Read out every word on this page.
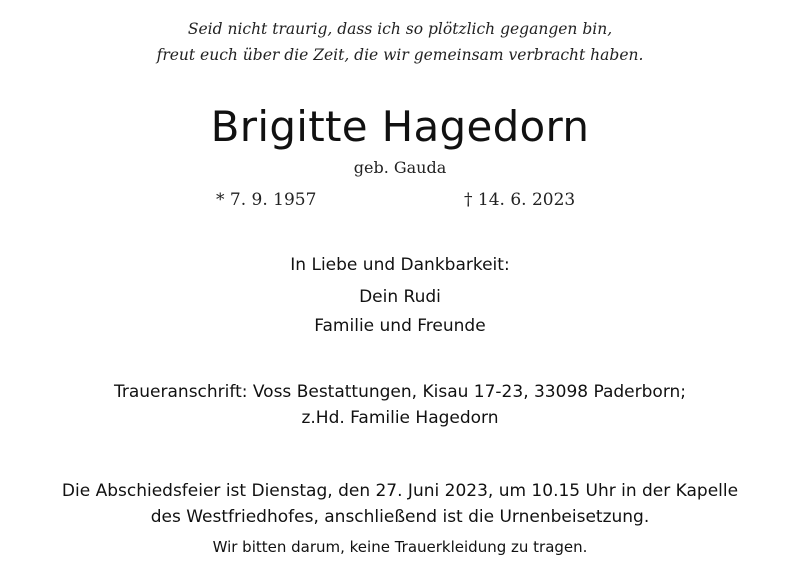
Seid nicht traurig, dass ich so plötzlich gegangen bin,
freut euch über die Zeit, die wir gemeinsam verbracht haben.
Brigitte Hagedorn
geb. Gauda
* 7. 9. 1957	† 14. 6. 2023
In Liebe und Dankbarkeit:
Dein Rudi
Familie und Freunde
Traueranschrift: Voss Bestattungen, Kisau 17-23, 33098 Paderborn;
z.Hd. Familie Hagedorn
Die Abschiedsfeier ist Dienstag, den 27. Juni 2023, um 10.15 Uhr in der Kapelle
des Westfriedhofes, anschließend ist die Urnenbeisetzung.
Wir bitten darum, keine Trauerkleidung zu tragen.
